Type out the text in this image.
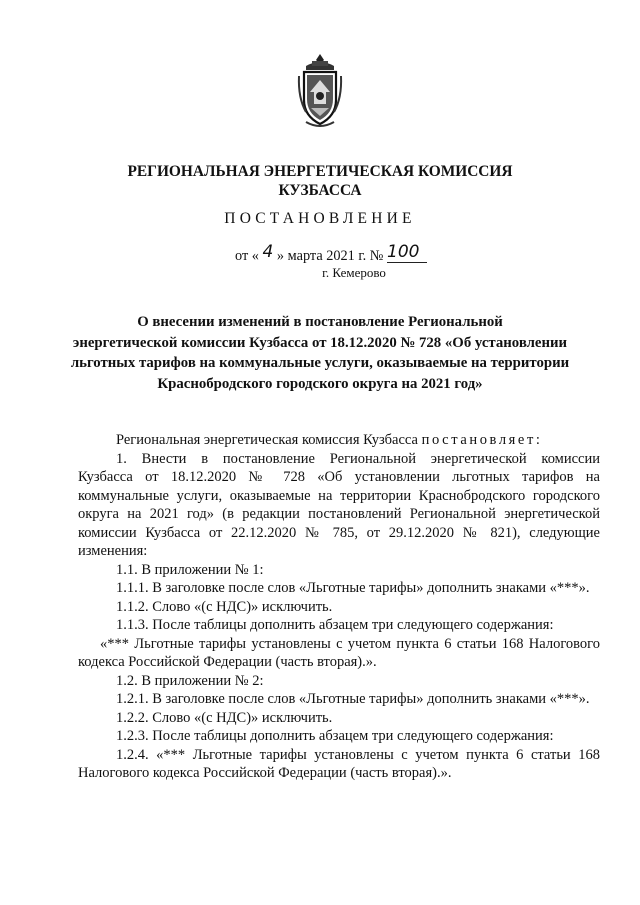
РЕГИОНАЛЬНАЯ ЭНЕРГЕТИЧЕСКАЯ КОМИССИЯ
КУЗБАССА
ПОСТАНОВЛЕНИЕ
от « 4 » марта 2021 г. № 100
г. Кемерово
О внесении изменений в постановление Региональной
энергетической комиссии Кузбасса от 18.12.2020 № 728 «Об установлении
льготных тарифов на коммунальные услуги, оказываемые на территории
Краснобродского городского округа на 2021 год»

Региональная энергетическая комиссия Кузбасса постановляет:

1. Внести в постановление Региональной энергетической комиссии

Кузбасса от 18.12.2020 № 728 «Об установлении льготных тарифов на коммунальные услуги, оказываемые на территории Краснобродского городского округа на 2021 год» (в редакции постановлений Региональной энергетической комиссии Кузбасса от 22.12.2020 № 785, от 29.12.2020 № 821), следующие изменения:

1.1. В приложении № 1:

1.1.1. В заголовке после слов «Льготные тарифы» дополнить знаками «***».

1.1.2. Слово «(с НДС)» исключить.

1.1.3. После таблицы дополнить абзацем три следующего содержания:

«*** Льготные тарифы установлены с учетом пункта 6 статьи 168 Налогового кодекса Российской Федерации (часть вторая).».

1.2. В приложении № 2:

1.2.1. В заголовке после слов «Льготные тарифы» дополнить знаками «***».

1.2.2. Слово «(с НДС)» исключить.

1.2.3. После таблицы дополнить абзацем три следующего содержания:

1.2.4. «*** Льготные тарифы установлены с учетом пункта 6 статьи 168 Налогового кодекса Российской Федерации (часть вторая).».
